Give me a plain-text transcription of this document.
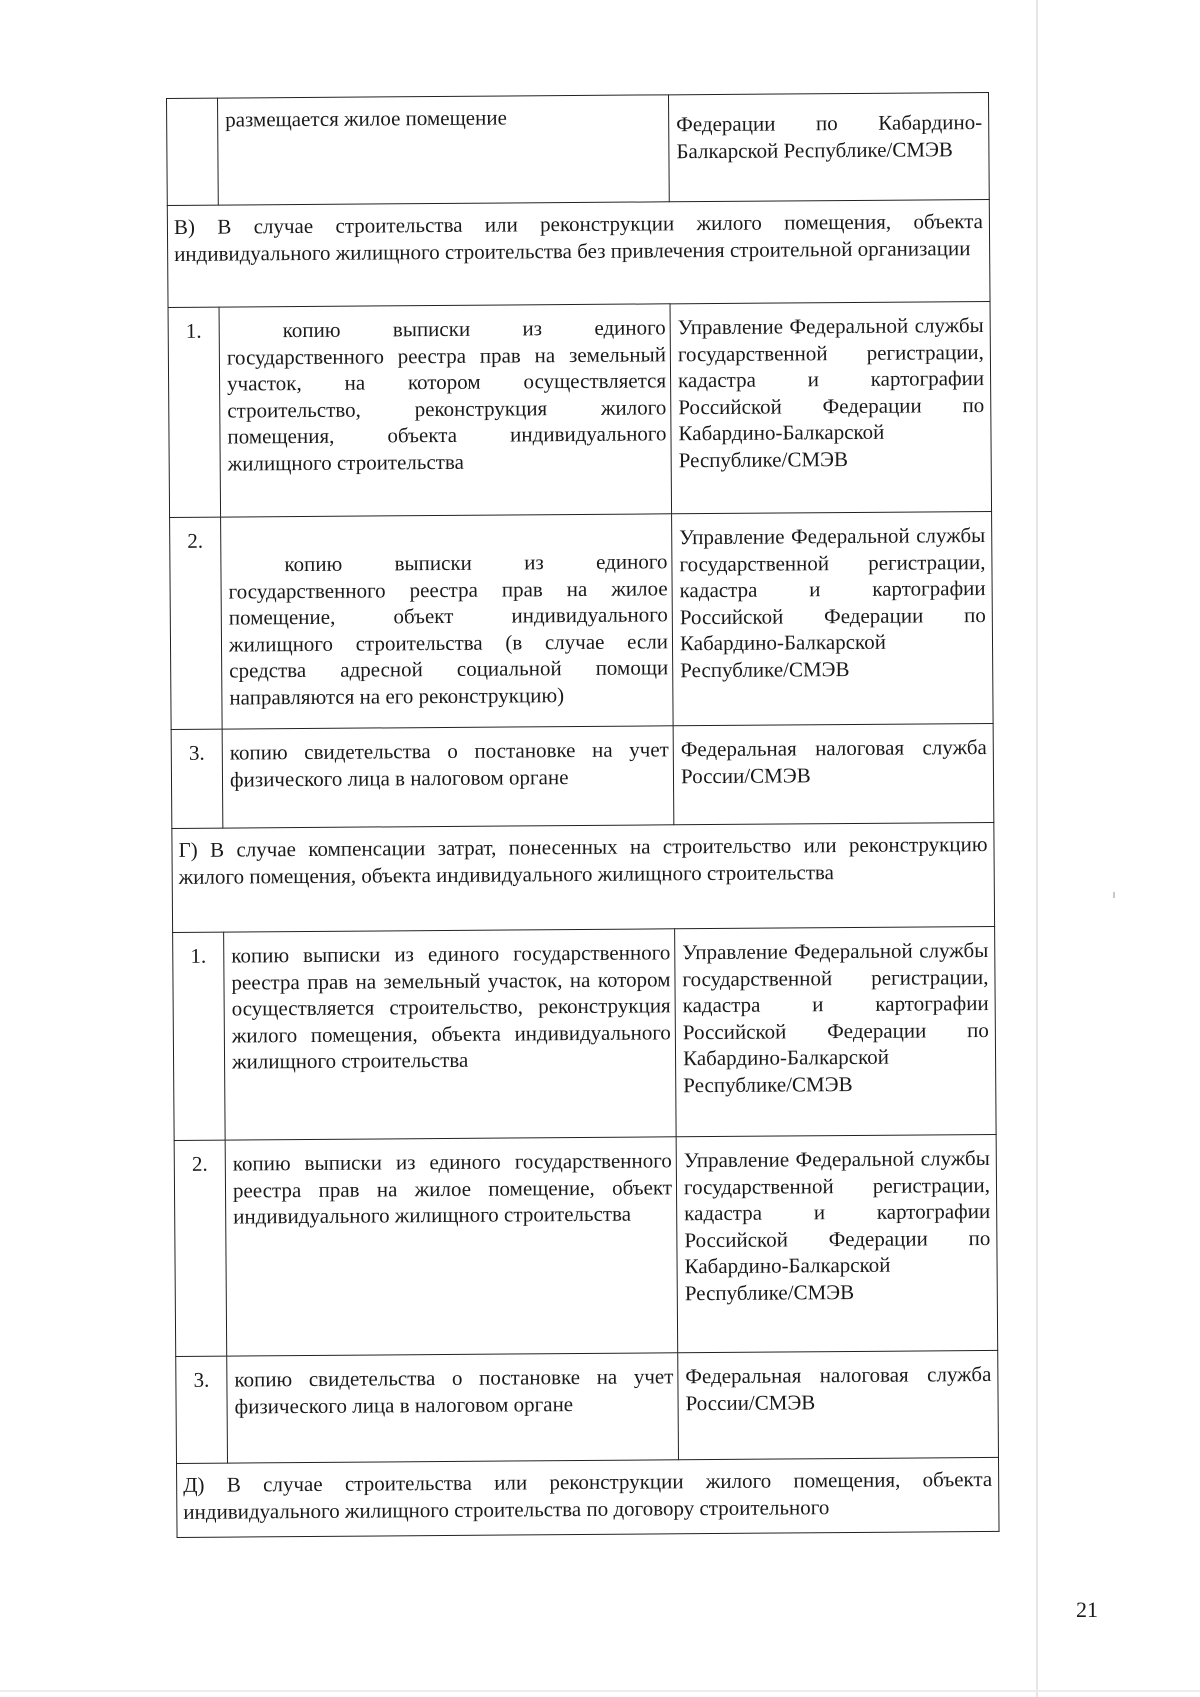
	размещается жилое помещение	Федерации по Кабардино-Балкарской Республике/СМЭВ
В) В случае строительства или реконструкции жилого помещения, объекта индивидуального жилищного строительства без привлечения строительной организации		
1.	копию выписки из единого государственного реестра прав на земельный участок, на котором осуществляется строительство, реконструкция жилого помещения, объекта индивидуального жилищного строительства	Управление Федеральной службы государственной регистрации, кадастра и картографии Российской Федерации по Кабардино-Балкарской Республике/СМЭВ
2.	копию выписки из единого государственного реестра прав на жилое помещение, объект индивидуального жилищного строительства (в случае если средства адресной социальной помощи направляются на его реконструкцию)	Управление Федеральной службы государственной регистрации, кадастра и картографии Российской Федерации по Кабардино-Балкарской Республике/СМЭВ
3.	копию свидетельства о постановке на учет физического лица в налоговом органе	Федеральная налоговая служба России/СМЭВ
Г) В случае компенсации затрат, понесенных на строительство или реконструкцию жилого помещения, объекта индивидуального жилищного строительства		
1.	копию выписки из единого государственного реестра прав на земельный участок, на котором осуществляется строительство, реконструкция жилого помещения, объекта индивидуального жилищного строительства	Управление Федеральной службы государственной регистрации, кадастра и картографии Российской Федерации по Кабардино-Балкарской Республике/СМЭВ
2.	копию выписки из единого государственного реестра прав на жилое помещение, объект индивидуального жилищного строительства	Управление Федеральной службы государственной регистрации, кадастра и картографии Российской Федерации по Кабардино-Балкарской Республике/СМЭВ
3.	копию свидетельства о постановке на учет физического лица в налоговом органе	Федеральная налоговая служба России/СМЭВ
Д) В случае строительства или реконструкции жилого помещения, объекта индивидуального жилищного строительства по договору строительного		
21
